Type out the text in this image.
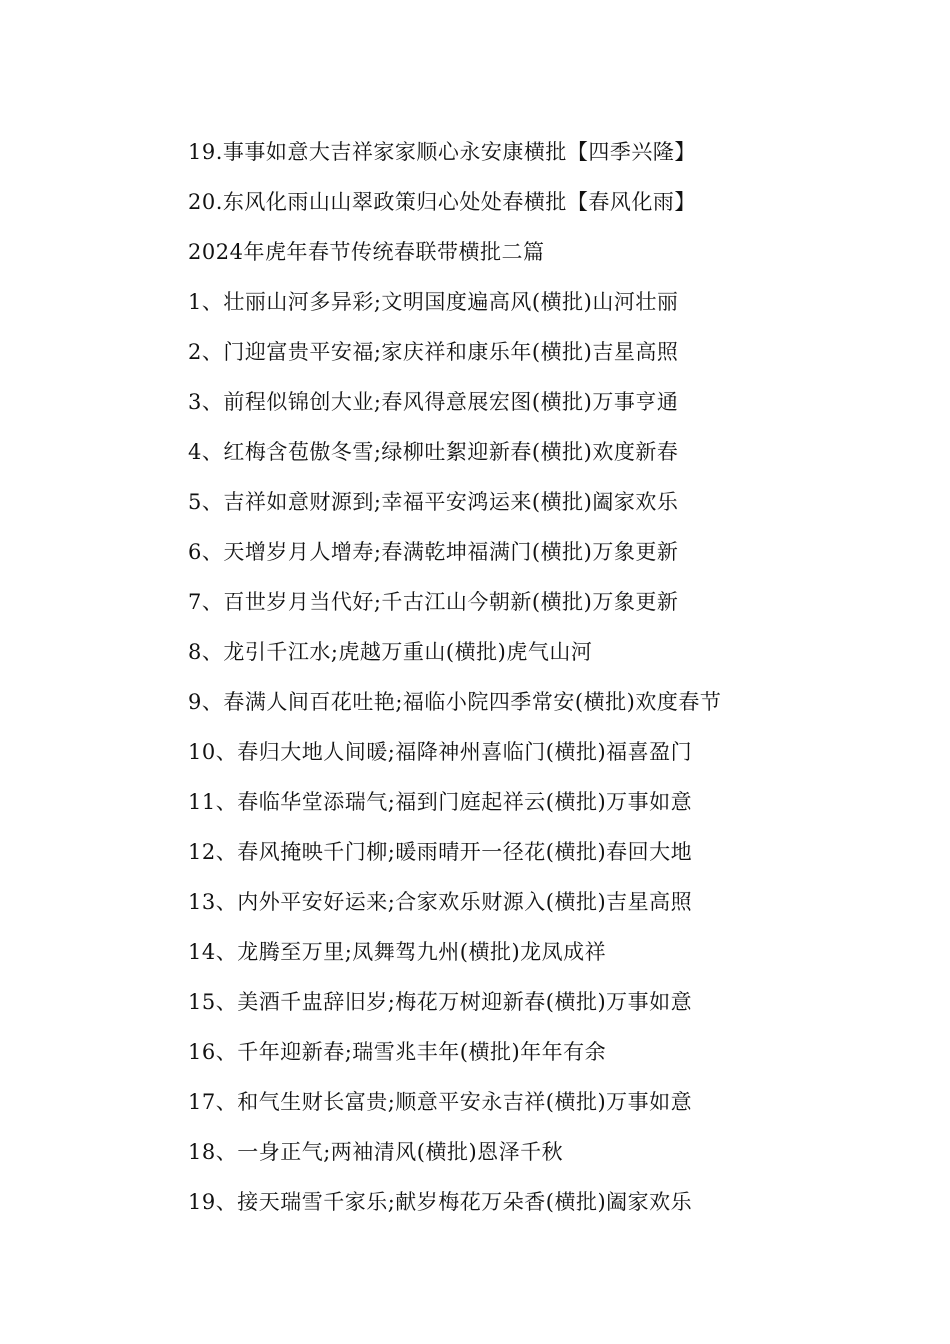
19.事事如意大吉祥家家顺心永安康横批【四季兴隆】
20.东风化雨山山翠政策归心处处春横批【春风化雨】
2024年虎年春节传统春联带横批二篇
1、壮丽山河多异彩;文明国度遍高风(横批)山河壮丽
2、门迎富贵平安福;家庆祥和康乐年(横批)吉星高照
3、前程似锦创大业;春风得意展宏图(横批)万事亨通
4、红梅含苞傲冬雪;绿柳吐絮迎新春(横批)欢度新春
5、吉祥如意财源到;幸福平安鸿运来(横批)阖家欢乐
6、天增岁月人增寿;春满乾坤福满门(横批)万象更新
7、百世岁月当代好;千古江山今朝新(横批)万象更新
8、龙引千江水;虎越万重山(横批)虎气山河
9、春满人间百花吐艳;福临小院四季常安(横批)欢度春节
10、春归大地人间暖;福降神州喜临门(横批)福喜盈门
11、春临华堂添瑞气;福到门庭起祥云(横批)万事如意
12、春风掩映千门柳;暖雨晴开一径花(横批)春回大地
13、内外平安好运来;合家欢乐财源入(横批)吉星高照
14、龙腾至万里;凤舞驾九州(横批)龙凤成祥
15、美酒千盅辞旧岁;梅花万树迎新春(横批)万事如意
16、千年迎新春;瑞雪兆丰年(横批)年年有余
17、和气生财长富贵;顺意平安永吉祥(横批)万事如意
18、一身正气;两袖清风(横批)恩泽千秋
19、接天瑞雪千家乐;献岁梅花万朵香(横批)阖家欢乐
